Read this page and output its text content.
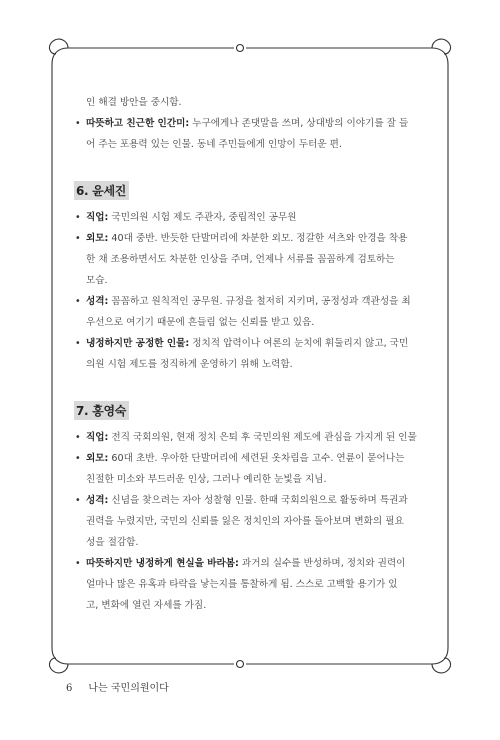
인 해결 방안을 중시함.
• 따뜻하고 친근한 인간미: 누구에게나 존댓말을 쓰며, 상대방의 이야기를 잘 들
어 주는 포용력 있는 인물. 동네 주민들에게 인망이 두터운 편.
6. 윤세진
• 직업: 국민의원 시험 제도 주관자, 중립적인 공무원
• 외모: 40대 중반. 반듯한 단발머리에 차분한 외모. 정갈한 셔츠와 안경을 착용
한 채 조용하면서도 차분한 인상을 주며, 언제나 서류를 꼼꼼하게 검토하는
모습.
• 성격: 꼼꼼하고 원칙적인 공무원. 규정을 철저히 지키며, 공정성과 객관성을 최
우선으로 여기기 때문에 흔들림 없는 신뢰를 받고 있음.
• 냉정하지만 공정한 인물: 정치적 압력이나 여론의 눈치에 휘둘리지 않고, 국민
의원 시험 제도를 정직하게 운영하기 위해 노력함.
7. 홍영숙
• 직업: 전직 국회의원, 현재 정치 은퇴 후 국민의원 제도에 관심을 가지게 된 인물
• 외모: 60대 초반. 우아한 단발머리에 세련된 옷차림을 고수. 연륜이 묻어나는
친절한 미소와 부드러운 인상, 그러나 예리한 눈빛을 지님.
• 성격: 신념을 찾으려는 자아 성찰형 인물. 한때 국회의원으로 활동하며 특권과
권력을 누렸지만, 국민의 신뢰를 잃은 정치인의 자아를 돌아보며 변화의 필요
성을 절감함.
• 따뜻하지만 냉정하게 현실을 바라봄: 과거의 실수를 반성하며, 정치와 권력이
얼마나 많은 유혹과 타락을 낳는지를 통찰하게 됨. 스스로 고백할 용기가 있
고, 변화에 열린 자세를 가짐.
6 나는 국민의원이다
